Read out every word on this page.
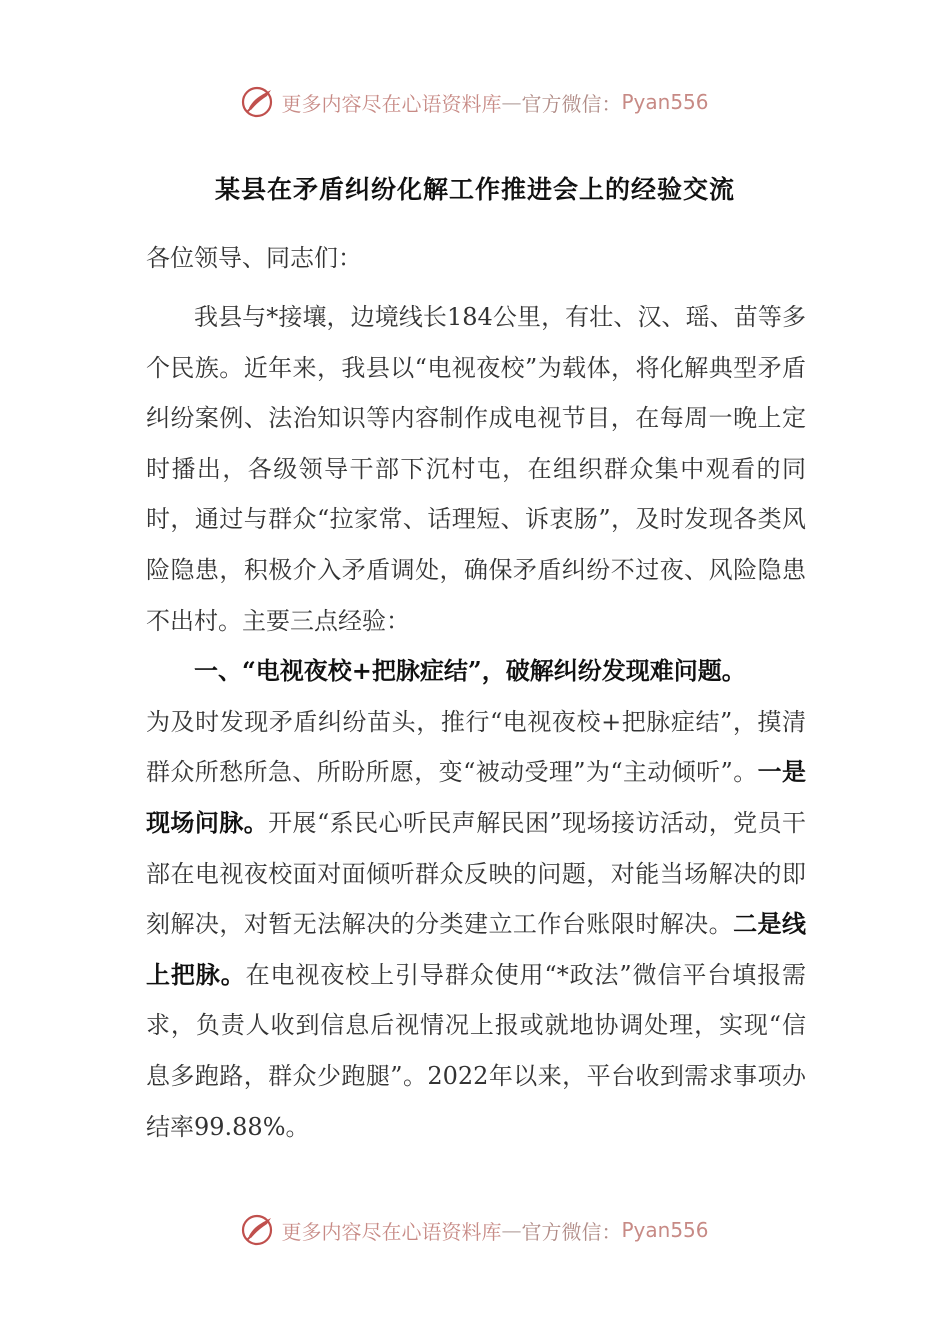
更多内容尽在心语资料库 — 官方微信： Pyan556
某县在矛盾纠纷化解工作推进会上的经验交流
各位领导、同志们：

我县与*接壤，边境线长184公里，有壮、汉、瑶、苗等多个民族。近年来，我县以“电视夜校”为载体，将化解典型矛盾纠纷案例、法治知识等内容制作成电视节目，在每周一晚上定时播出，各级领导干部下沉村屯，在组织群众集中观看的同时，通过与群众“拉家常、话理短、诉衷肠”，及时发现各类风险隐患，积极介入矛盾调处，确保矛盾纠纷不过夜、风险隐患不出村。主要三点经验：

一、“电视夜校+把脉症结”，破解纠纷发现难问题。

为及时发现矛盾纠纷苗头，推行“电视夜校+把脉症结”，摸清群众所愁所急、所盼所愿，变“被动受理”为“主动倾听”。一是现场问脉。开展“系民心听民声解民困”现场接访活动，党员干部在电视夜校面对面倾听群众反映的问题，对能当场解决的即刻解决，对暂无法解决的分类建立工作台账限时解决。二是线上把脉。在电视夜校上引导群众使用“*政法”微信平台填报需求，负责人收到信息后视情况上报或就地协调处理，实现“信息多跑路，群众少跑腿”。2022年以来，平台收到需求事项办结率99.88%。

更多内容尽在心语资料库 — 官方微信： Pyan556
